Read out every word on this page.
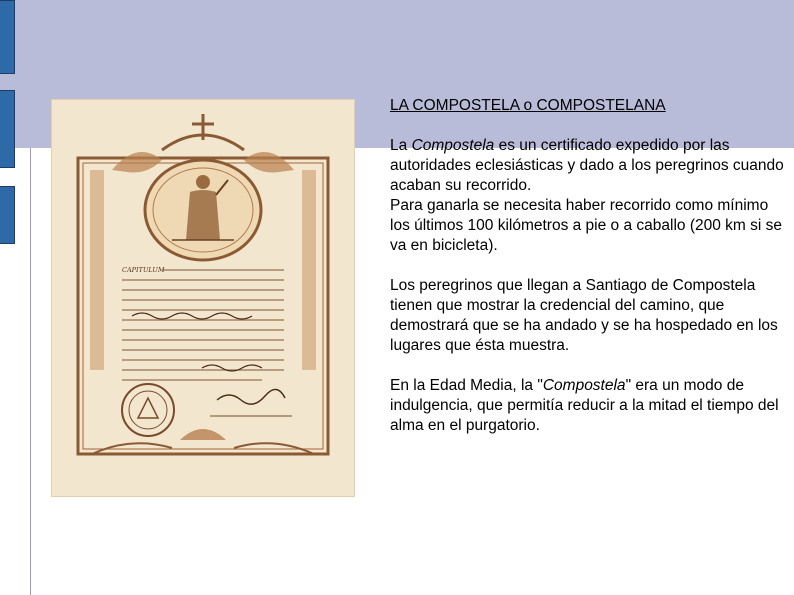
CAPITULUM

LA COMPOSTELA o COMPOSTELANA

La Compostela es un certificado expedido por las autoridades eclesiásticas y dado a los peregrinos cuando acaban su recorrido.
Para ganarla se necesita haber recorrido como mínimo los últimos 100 kilómetros a pie o a caballo (200 km si se va en bicicleta).

Los peregrinos que llegan a Santiago de Compostela tienen que mostrar la credencial del camino, que demostrará que se ha andado y se ha hospedado en los lugares que ésta muestra.

En la Edad Media, la "Compostela" era un modo de indulgencia, que permitía reducir a la mitad el tiempo del alma en el purgatorio.
